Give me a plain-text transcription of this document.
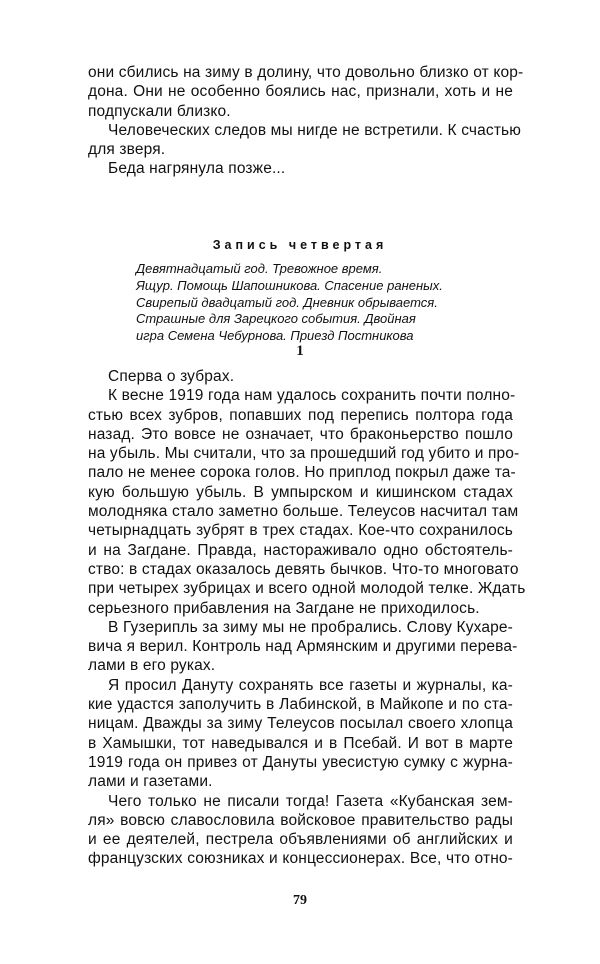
они сбились на зиму в долину, что довольно близко от кор-
дона. Они не особенно боялись нас, признали, хоть и не
подпускали близко.
Человеческих следов мы нигде не встретили. К счастью
для зверя.
Беда нагрянула позже...
Запись четвертая
Девятнадцатый год. Тревожное время.
Ящур. Помощь Шапошникова. Спасение раненых.
Свирепый двадцатый год. Дневник обрывается.
Страшные для Зарецкого события. Двойная
игра Семена Чебурнова. Приезд Постникова
1
Сперва о зубрах.
К весне 1919 года нам удалось сохранить почти полно-
стью всех зубров, попавших под перепись полтора года
назад. Это вовсе не означает, что браконьерство пошло
на убыль. Мы считали, что за прошедший год убито и про-
пало не менее сорока голов. Но приплод покрыл даже та-
кую большую убыль. В умпырском и кишинском стадах
молодняка стало заметно больше. Телеусов насчитал там
четырнадцать зубрят в трех стадах. Кое-что сохранилось
и на Загдане. Правда, настораживало одно обстоятель-
ство: в стадах оказалось девять бычков. Что-то многовато
при четырех зубрицах и всего одной молодой телке. Ждать
серьезного прибавления на Загдане не приходилось.
В Гузерипль за зиму мы не пробрались. Слову Кухаре-
вича я верил. Контроль над Армянским и другими перева-
лами в его руках.
Я просил Дануту сохранять все газеты и журналы, ка-
кие удастся заполучить в Лабинской, в Майкопе и по ста-
ницам. Дважды за зиму Телеусов посылал своего хлопца
в Хамышки, тот наведывался и в Псебай. И вот в марте
1919 года он привез от Дануты увесистую сумку с журна-
лами и газетами.
Чего только не писали тогда! Газета «Кубанская зем-
ля» вовсю славословила войсковое правительство рады
и ее деятелей, пестрела объявлениями об английских и
французских союзниках и концессионерах. Все, что отно-
79
